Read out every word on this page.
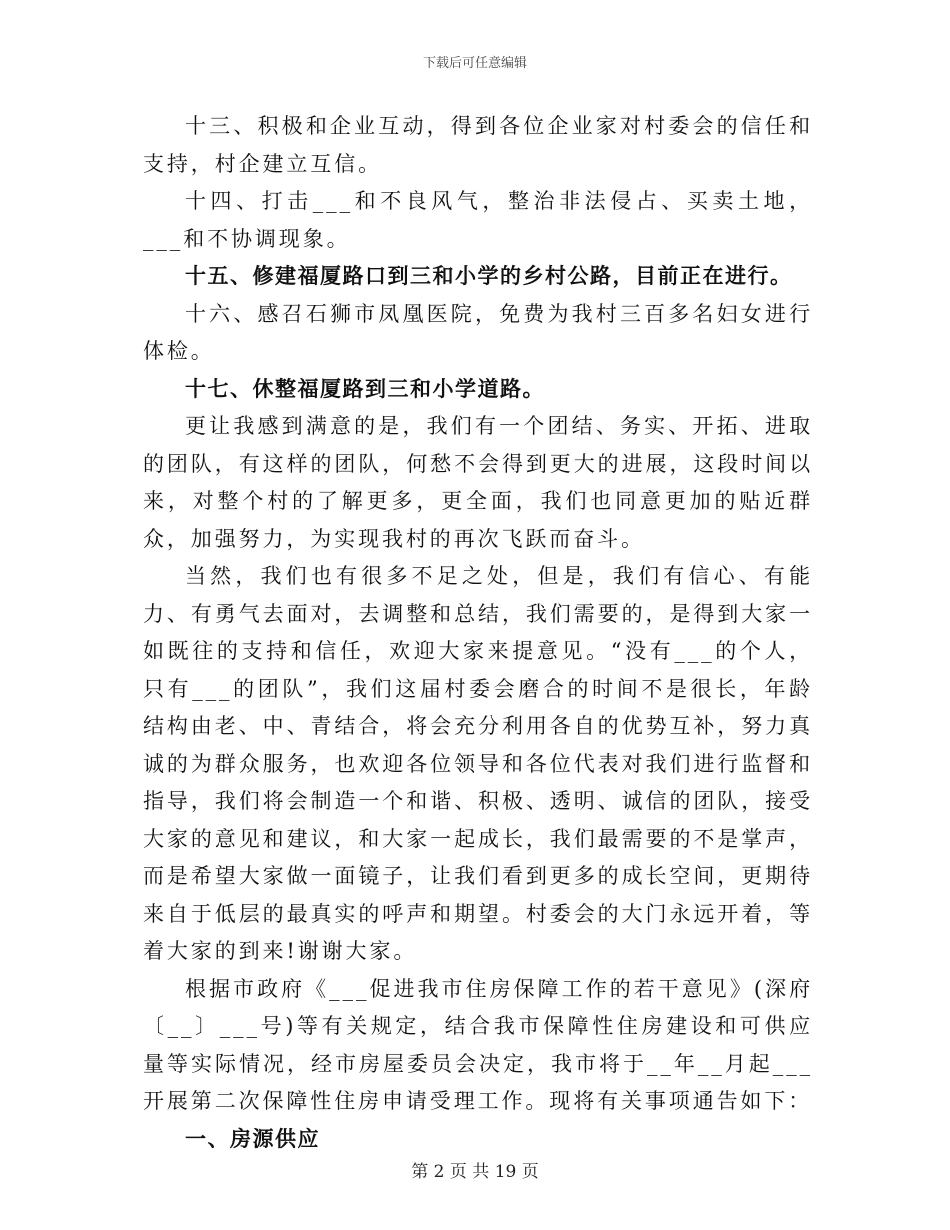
下载后可任意编辑

十三、积极和企业互动，得到各位企业家对村委会的信任和支持，村企建立互信。

十四、打击___和不良风气，整治非法侵占、买卖土地，___和不协调现象。

十五、修建福厦路口到三和小学的乡村公路，目前正在进行。

十六、感召石狮市凤凰医院，免费为我村三百多名妇女进行体检。

十七、休整福厦路到三和小学道路。

更让我感到满意的是，我们有一个团结、务实、开拓、进取的团队，有这样的团队，何愁不会得到更大的进展，这段时间以来，对整个村的了解更多，更全面，我们也同意更加的贴近群众，加强努力，为实现我村的再次飞跃而奋斗。

当然，我们也有很多不足之处，但是，我们有信心、有能力、有勇气去面对，去调整和总结，我们需要的，是得到大家一如既往的支持和信任，欢迎大家来提意见。“没有___的个人，只有___的团队”，我们这届村委会磨合的时间不是很长，年龄结构由老、中、青结合，将会充分利用各自的优势互补，努力真诚的为群众服务，也欢迎各位领导和各位代表对我们进行监督和指导，我们将会制造一个和谐、积极、透明、诚信的团队，接受大家的意见和建议，和大家一起成长，我们最需要的不是掌声，而是希望大家做一面镜子，让我们看到更多的成长空间，更期待来自于低层的最真实的呼声和期望。村委会的大门永远开着，等着大家的到来!谢谢大家。

根据市政府《___促进我市住房保障工作的若干意见》(深府〔__〕___号)等有关规定，结合我市保障性住房建设和可供应量等实际情况，经市房屋委员会决定，我市将于__年__月起___开展第二次保障性住房申请受理工作。现将有关事项通告如下：

一、房源供应

第 2 页 共 19 页
